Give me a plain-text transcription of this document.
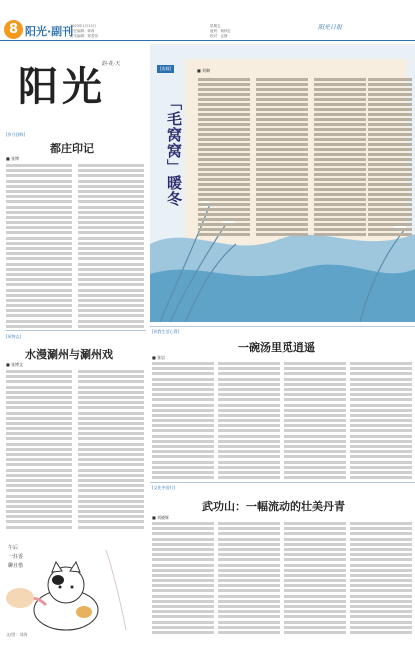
8 阳光·副刊
2023年1月13日
责任编辑：韩莉
美术编辑：郭盈恒
星期五
值班：杨秋红
校对：孟静
阳光日报
阳光
韵·花·天
[岁月回眸]
都庄印记
■ 张博
[风物志]
水漫涮州与涮州戏
■ 张博文
午后
一炷香
聊且惜
文/图：刘海
[连载]	■ 刘琳
「毛窝窝」暖冬
[你我生活心得]
一碗汤里觅逍遥
■ 张岩
[文化中国行]
武功山：一幅流动的壮美丹青
■ 刘晓辉
